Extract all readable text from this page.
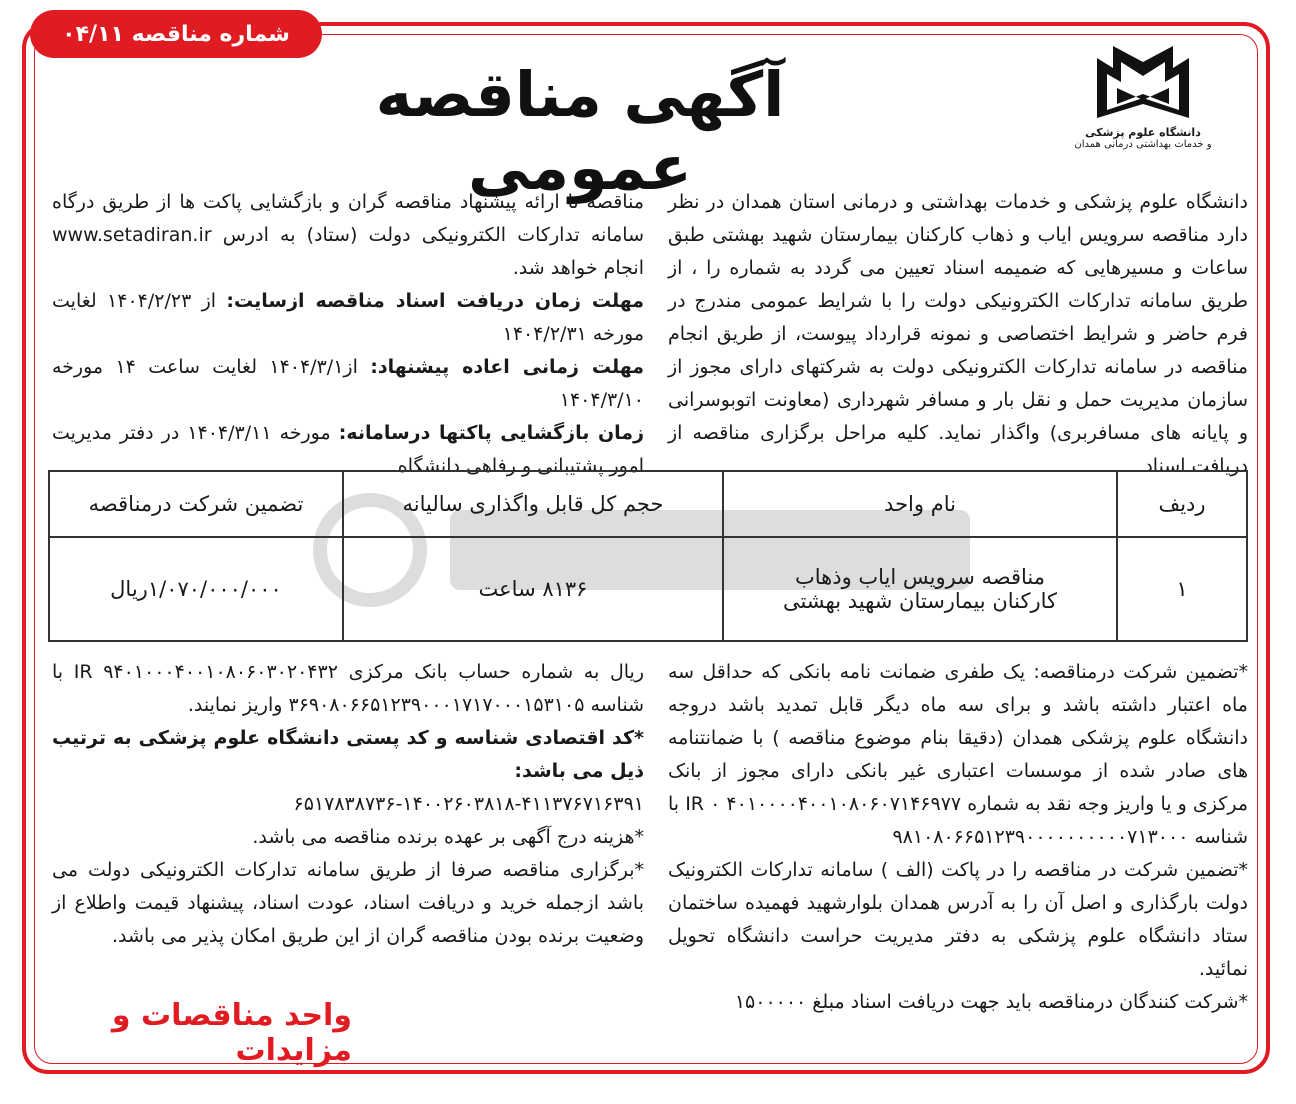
شماره مناقصه ۰۴/۱۱
آگهی مناقصه عمومی	دانشگاه علوم پزشکی
و خدمات بهداشتی درمانی همدان

دانشگاه علوم پزشکی و خدمات بهداشتی و درمانی استان همدان در نظر دارد مناقصه سرویس ایاب و ذهاب کارکنان بیمارستان شهید بهشتی طبق ساعات و مسیرهایی که ضمیمه اسناد تعیین می گردد به شماره را ، از طریق سامانه تدارکات الکترونیکی دولت را با شرایط عمومی مندرج در فرم حاضر و شرایط اختصاصی و نمونه قرارداد پیوست، از طریق انجام مناقصه در سامانه تدارکات الکترونیکی دولت به شرکتهای دارای مجوز از سازمان مدیریت حمل و نقل بار و مسافر شهرداری (معاونت اتوبوسرانی و پایانه های مسافربری) واگذار نماید. کلیه مراحل برگزاری مناقصه از دریافت اسناد

مناقصه تا ارائه پیشنهاد مناقصه گران و بازگشایی پاکت ها از طریق درگاه سامانه تدارکات الکترونیکی دولت (ستاد) به ادرس www.setadiran.ir انجام خواهد شد.

مهلت زمان دریافت اسناد مناقصه ازسایت: از ۱۴۰۴/۲/۲۳ لغایت مورخه ۱۴۰۴/۲/۳۱

مهلت زمانی اعاده پیشنهاد: از۱۴۰۴/۳/۱ لغایت ساعت ۱۴ مورخه ۱۴۰۴/۳/۱۰

زمان بازگشایی پاکتها درسامانه: مورخه ۱۴۰۴/۳/۱۱ در دفتر مدیریت امور پشتیبانی و رفاهی دانشگاه

ردیف	نام واحد	حجم کل قابل واگذاری سالیانه	تضمین شرکت درمناقصه
۱	مناقصه سرویس ایاب وذهاب
کارکنان بیمارستان شهید بهشتی	۸۱۳۶ ساعت	۱/۰۷۰/۰۰۰/۰۰۰ریال

*تضمین شرکت درمناقصه: یک طفری ضمانت نامه بانکی که حداقل سه ماه اعتبار داشته باشد و برای سه ماه دیگر قابل تمدید باشد دروجه دانشگاه علوم پزشکی همدان (دقیقا بنام موضوع مناقصه ) با ضمانتنامه های صادر شده از موسسات اعتباری غیر بانکی دارای مجوز از بانک مرکزی و یا واریز وجه نقد به شماره IR ۰ ۴۰۱۰۰۰۰۴۰۰۱۰۸۰۶۰۷۱۴۶۹۷۷ با شناسه ۹۸۱۰۸۰۶۶۵۱۲۳۹۰۰۰۰۰۰۰۰۰۰۷۱۳۰۰۰

*تضمین شرکت در مناقصه را در پاکت (الف ) سامانه تدارکات الکترونیک دولت بارگذاری و اصل آن را به آدرس همدان بلوارشهید فهمیده ساختمان ستاد دانشگاه علوم پزشکی به دفتر مدیریت حراست دانشگاه تحویل نمائید.

*شرکت کنندگان درمناقصه باید جهت دریافت اسناد مبلغ ۱۵۰۰۰۰۰

ریال به شماره حساب بانک مرکزی IR ۹۴۰۱۰۰۰۴۰۰۱۰۸۰۶۰۳۰۲۰۴۳۲ با شناسه ۳۶۹۰۸۰۶۶۵۱۲۳۹۰۰۰۱۷۱۷۰۰۰۱۵۳۱۰۵ واریز نمایند.

*کد اقتصادی شناسه و کد پستی دانشگاه علوم پزشکی به ترتیب ذیل می باشد:

۶۵۱۷۸۳۸۷۳۶-۱۴۰۰۲۶۰۳۸۱۸-۴۱۱۳۷۶۷۱۶۳۹۱

*هزینه درج آگهی بر عهده برنده مناقصه می باشد.

*برگزاری مناقصه صرفا از طریق سامانه تدارکات الکترونیکی دولت می باشد ازجمله خرید و دریافت اسناد، عودت اسناد، پیشنهاد قیمت واطلاع از وضعیت برنده بودن مناقصه گران از این طریق امکان پذیر می باشد.

واحد مناقصات و مزایدات
